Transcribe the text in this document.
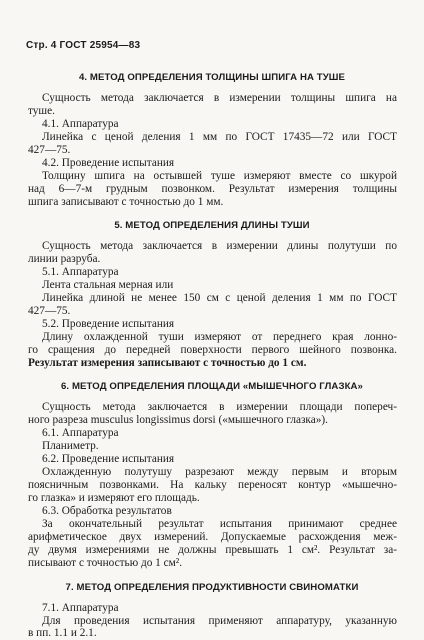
Стр. 4 ГОСТ 25954—83
4. МЕТОД ОПРЕДЕЛЕНИЯ ТОЛЩИНЫ ШПИГА НА ТУШЕ
Сущность метода заключается в измерении толщины шпига на
туше.
4.1. Аппаратура
Линейка с ценой деления 1 мм по ГОСТ 17435—72 или ГОСТ
427—75.
4.2. Проведение испытания
Толщину шпига на остывшей туше измеряют вместе со шкурой
над 6—7-м грудным позвонком. Результат измерения толщины
шпига записывают с точностью до 1 мм.
5. МЕТОД ОПРЕДЕЛЕНИЯ ДЛИНЫ ТУШИ
Сущность метода заключается в измерении длины полутуши по
линии разруба.
5.1. Аппаратура
Лента стальная мерная или
Линейка длиной не менее 150 см с ценой деления 1 мм по ГОСТ
427—75.
5.2. Проведение испытания
Длину охлажденной туши измеряют от переднего края лонно-
го сращения до передней поверхности первого шейного позвонка.
Результат измерения записывают с точностью до 1 см.
6. МЕТОД ОПРЕДЕЛЕНИЯ ПЛОЩАДИ «МЫШЕЧНОГО ГЛАЗКА»
Сущность метода заключается в измерении площади попереч-
ного разреза musculus longissimus dorsi («мышечного глазка»).
6.1. Аппаратура
Планиметр.
6.2. Проведение испытания
Охлажденную полутушу разрезают между первым и вторым
поясничным позвонками. На кальку переносят контур «мышечно-
го глазка» и измеряют его площадь.
6.3. Обработка результатов
За окончательный результат испытания принимают среднее
арифметическое двух измерений. Допускаемые расхождения меж-
ду двумя измерениями не должны превышать 1 см². Результат за-
писывают с точностью до 1 см².
7. МЕТОД ОПРЕДЕЛЕНИЯ ПРОДУКТИВНОСТИ СВИНОМАТКИ
7.1. Аппаратура
Для проведения испытания применяют аппаратуру, указанную
в пп. 1.1 и 2.1.
